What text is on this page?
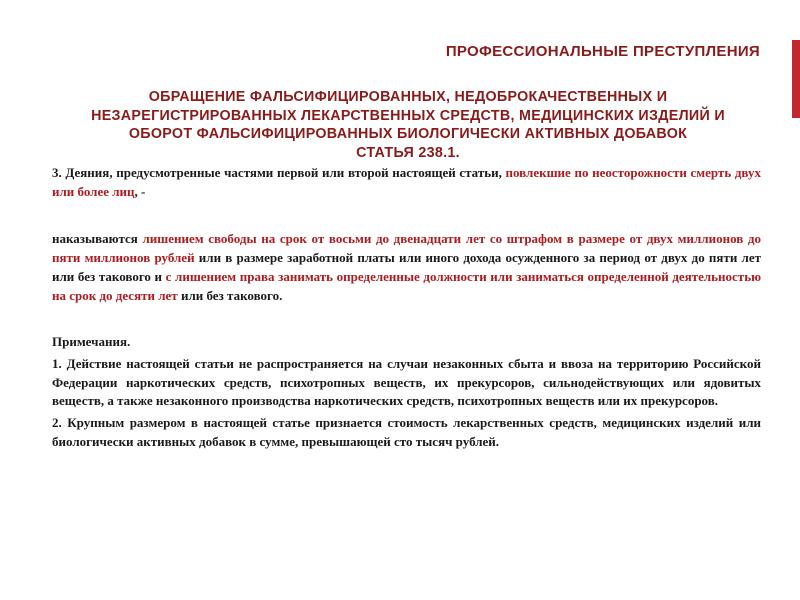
ПРОФЕССИОНАЛЬНЫЕ ПРЕСТУПЛЕНИЯ
ОБРАЩЕНИЕ ФАЛЬСИФИЦИРОВАННЫХ, НЕДОБРОКАЧЕСТВЕННЫХ И
НЕЗАРЕГИСТРИРОВАННЫХ ЛЕКАРСТВЕННЫХ СРЕДСТВ, МЕДИЦИНСКИХ ИЗДЕЛИЙ И
ОБОРОТ ФАЛЬСИФИЦИРОВАННЫХ БИОЛОГИЧЕСКИ АКТИВНЫХ ДОБАВОК
СТАТЬЯ 238.1.

3. Деяния, предусмотренные частями первой или второй настоящей статьи, повлекшие по неосторожности смерть двух или более лиц, -

наказываются лишением свободы на срок от восьми до двенадцати лет со штрафом в размере от двух миллионов до пяти миллионов рублей или в размере заработной платы или иного дохода осужденного за период от двух до пяти лет или без такового и с лишением права занимать определенные должности или заниматься определенной деятельностью на срок до десяти лет или без такового.

Примечания.

1. Действие настоящей статьи не распространяется на случаи незаконных сбыта и ввоза на территорию Российской Федерации наркотических средств, психотропных веществ, их прекурсоров, сильнодействующих или ядовитых веществ, а также незаконного производства наркотических средств, психотропных веществ или их прекурсоров.

2. Крупным размером в настоящей статье признается стоимость лекарственных средств, медицинских изделий или биологически активных добавок в сумме, превышающей сто тысяч рублей.
